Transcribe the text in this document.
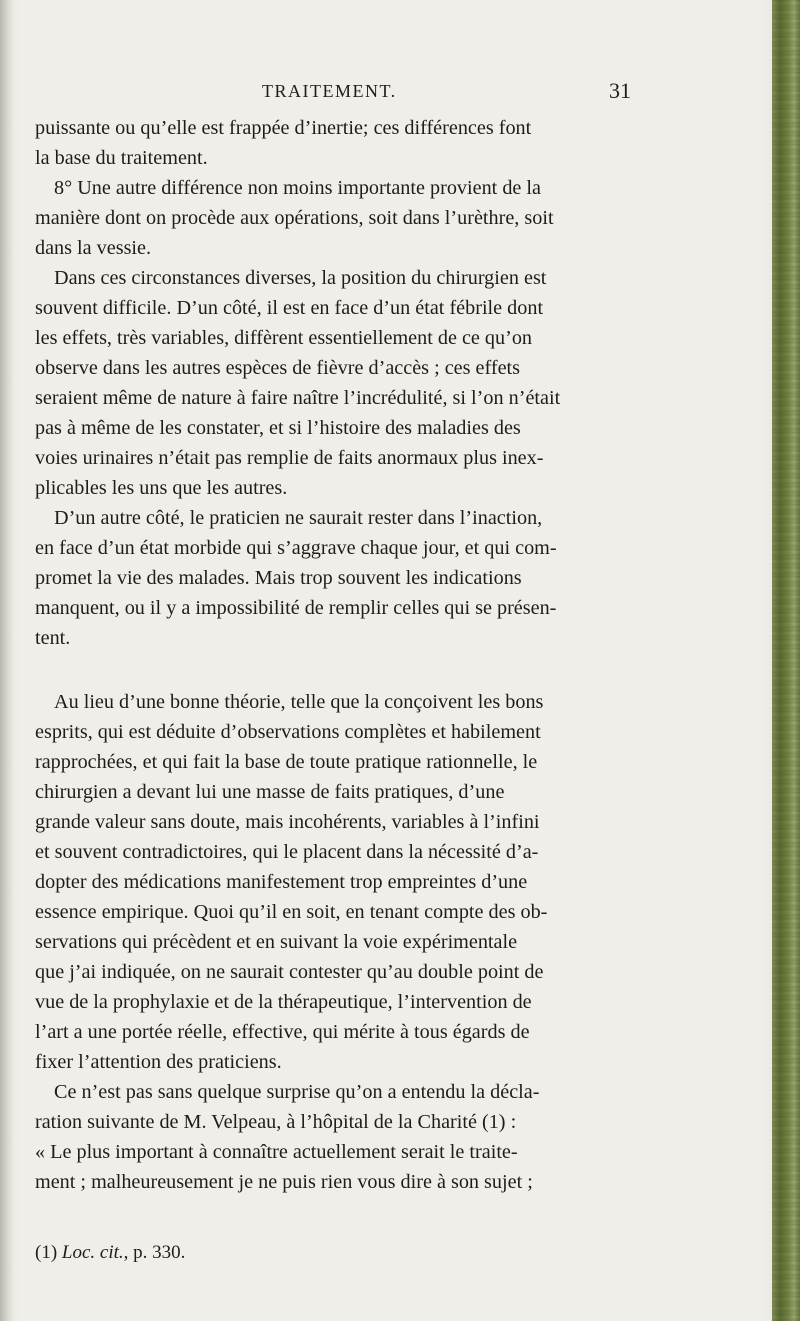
TRAITEMENT.	31

puissante ou qu’elle est frappée d’inertie; ces différences font
la base du traitement.

8° Une autre différence non moins importante provient de la
manière dont on procède aux opérations, soit dans l’urèthre, soit
dans la vessie.

Dans ces circonstances diverses, la position du chirurgien est
souvent difficile. D’un côté, il est en face d’un état fébrile dont
les effets, très variables, diffèrent essentiellement de ce qu’on
observe dans les autres espèces de fièvre d’accès ; ces effets
seraient même de nature à faire naître l’incrédulité, si l’on n’était
pas à même de les constater, et si l’histoire des maladies des
voies urinaires n’était pas remplie de faits anormaux plus inex-
plicables les uns que les autres.

D’un autre côté, le praticien ne saurait rester dans l’inaction,
en face d’un état morbide qui s’aggrave chaque jour, et qui com-
promet la vie des malades. Mais trop souvent les indications
manquent, ou il y a impossibilité de remplir celles qui se présen-
tent.

Au lieu d’une bonne théorie, telle que la conçoivent les bons
esprits, qui est déduite d’observations complètes et habilement
rapprochées, et qui fait la base de toute pratique rationnelle, le
chirurgien a devant lui une masse de faits pratiques, d’une
grande valeur sans doute, mais incohérents, variables à l’infini
et souvent contradictoires, qui le placent dans la nécessité d’a-
dopter des médications manifestement trop empreintes d’une
essence empirique. Quoi qu’il en soit, en tenant compte des ob-
servations qui précèdent et en suivant la voie expérimentale
que j’ai indiquée, on ne saurait contester qu’au double point de
vue de la prophylaxie et de la thérapeutique, l’intervention de
l’art a une portée réelle, effective, qui mérite à tous égards de
fixer l’attention des praticiens.

Ce n’est pas sans quelque surprise qu’on a entendu la décla-
ration suivante de M. Velpeau, à l’hôpital de la Charité (1) :
« Le plus important à connaître actuellement serait le traite-
ment ; malheureusement je ne puis rien vous dire à son sujet ;

(1) Loc. cit., p. 330.
